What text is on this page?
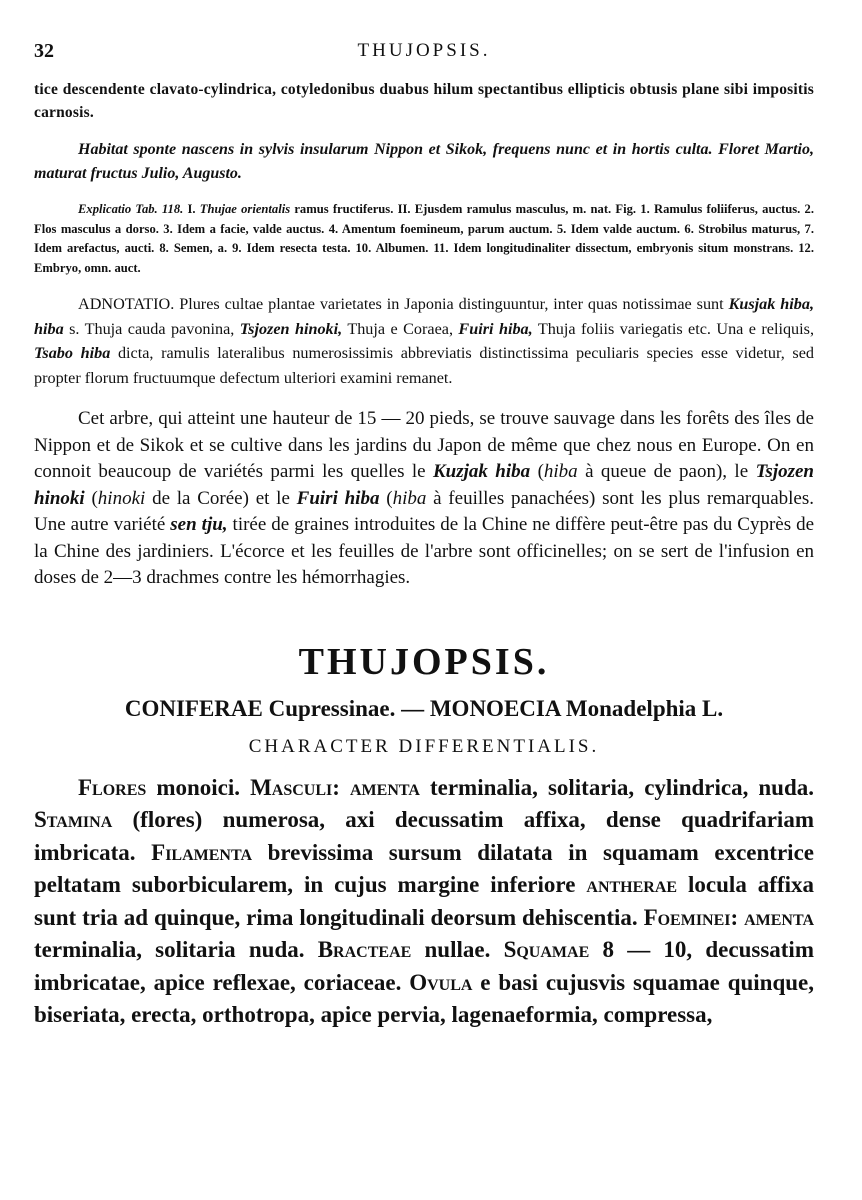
32	THUJOPSIS.

tice descendente clavato-cylindrica, cotyledonibus duabus hilum spectantibus ellipticis obtusis plane sibi impositis carnosis.

Habitat sponte nascens in sylvis insularum Nippon et Sikok, frequens nunc et in hortis culta. Floret Martio, maturat fructus Julio, Augusto.

Explicatio Tab. 118. I. Thujae orientalis ramus fructiferus. II. Ejusdem ramulus masculus, m. nat. Fig. 1. Ramulus foliiferus, auctus. 2. Flos masculus a dorso. 3. Idem a facie, valde auctus. 4. Amentum foemineum, parum auctum. 5. Idem valde auctum. 6. Strobilus maturus, 7. Idem arefactus, aucti. 8. Semen, a. 9. Idem resecta testa. 10. Albumen. 11. Idem longitudinaliter dissectum, embryonis situm monstrans. 12. Embryo, omn. auct.

ADNOTATIO. Plures cultae plantae varietates in Japonia distinguuntur, inter quas notissimae sunt Kusjak hiba, hiba s. Thuja cauda pavonina, Tsjozen hinoki, Thuja e Coraea, Fuiri hiba, Thuja foliis variegatis etc. Una e reliquis, Tsabo hiba dicta, ramulis lateralibus numerosissimis abbreviatis distinctissima peculiaris species esse videtur, sed propter florum fructuumque defectum ulteriori examini remanet.

Cet arbre, qui atteint une hauteur de 15 — 20 pieds, se trouve sauvage dans les forêts des îles de Nippon et de Sikok et se cultive dans les jardins du Japon de même que chez nous en Europe. On en connoit beaucoup de variétés parmi les quelles le Kuzjak hiba (hiba à queue de paon), le Tsjozen hinoki (hinoki de la Corée) et le Fuiri hiba (hiba à feuilles panachées) sont les plus remarquables. Une autre variété sen tju, tirée de graines introduites de la Chine ne diffère peut-être pas du Cyprès de la Chine des jardiniers. L'écorce et les feuilles de l'arbre sont officinelles; on se sert de l'infusion en doses de 2—3 drachmes contre les hémorrhagies.

THUJOPSIS.
CONIFERAE Cupressinae. — MONOECIA Monadelphia L.
CHARACTER DIFFERENTIALIS.

Flores monoici. Masculi: amenta terminalia, solitaria, cylindrica, nuda. Stamina (flores) numerosa, axi decussatim affixa, dense quadrifariam imbricata. Filamenta brevissima sursum dilatata in squamam excentrice peltatam suborbicularem, in cujus margine inferiore antherae locula affixa sunt tria ad quinque, rima longitudinali deorsum dehiscentia. Foeminei: amenta terminalia, solitaria nuda. Bracteae nullae. Squamae 8 — 10, decussatim imbricatae, apice reflexae, coriaceae. Ovula e basi cujusvis squamae quinque, biseriata, erecta, orthotropa, apice pervia, lagenaeformia, compressa,
